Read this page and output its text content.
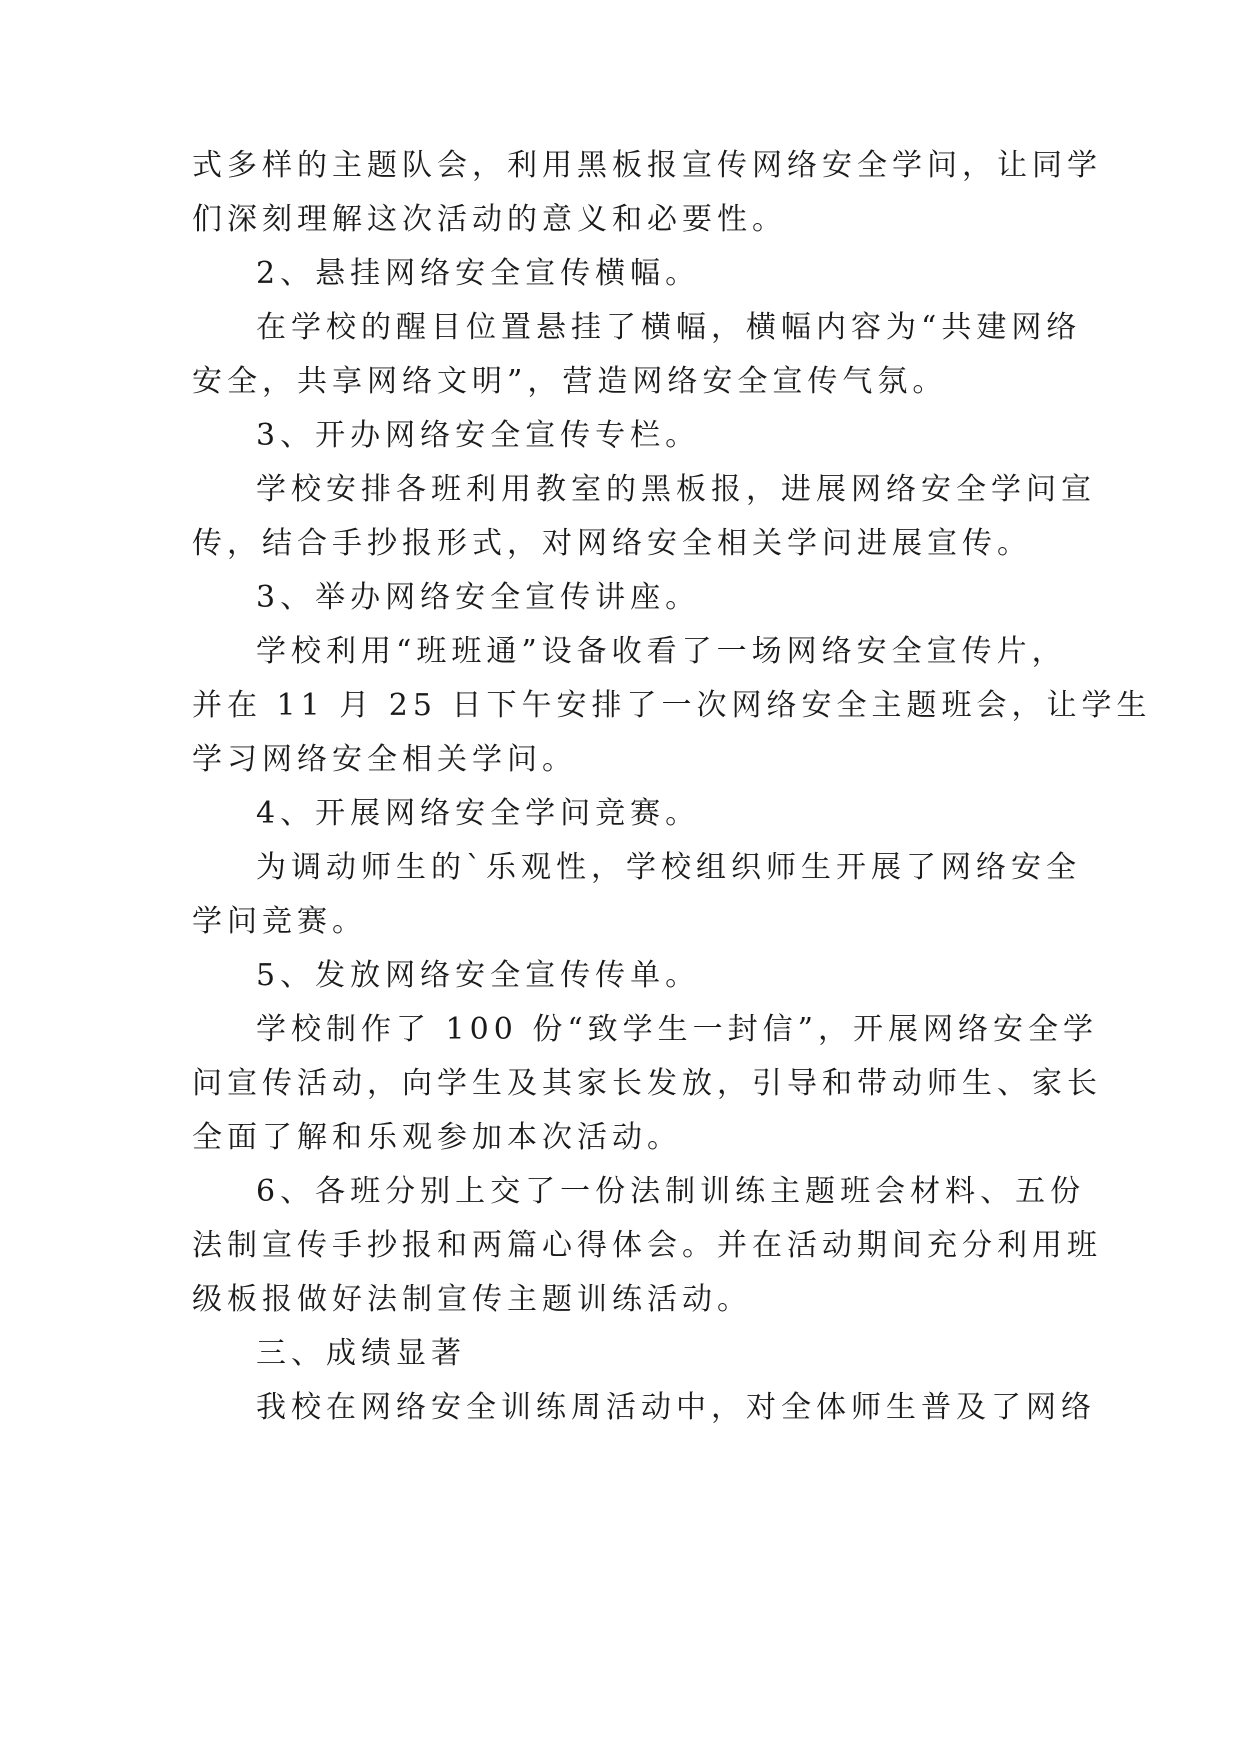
式多样的主题队会，利用黑板报宣传网络安全学问，让同学

们深刻理解这次活动的意义和必要性。

2、悬挂网络安全宣传横幅。

在学校的醒目位置悬挂了横幅，横幅内容为“共建网络

安全，共享网络文明”，营造网络安全宣传气氛。

3、开办网络安全宣传专栏。

学校安排各班利用教室的黑板报，进展网络安全学问宣

传，结合手抄报形式，对网络安全相关学问进展宣传。

3、举办网络安全宣传讲座。

学校利用“班班通”设备收看了一场网络安全宣传片，

并在 11 月 25 日下午安排了一次网络安全主题班会，让学生

学习网络安全相关学问。

4、开展网络安全学问竞赛。

为调动师生的`乐观性，学校组织师生开展了网络安全

学问竞赛。

5、发放网络安全宣传传单。

学校制作了 100 份“致学生一封信”，开展网络安全学

问宣传活动，向学生及其家长发放，引导和带动师生、家长

全面了解和乐观参加本次活动。

6、各班分别上交了一份法制训练主题班会材料、五份

法制宣传手抄报和两篇心得体会。并在活动期间充分利用班

级板报做好法制宣传主题训练活动。

三、成绩显著

我校在网络安全训练周活动中，对全体师生普及了网络
